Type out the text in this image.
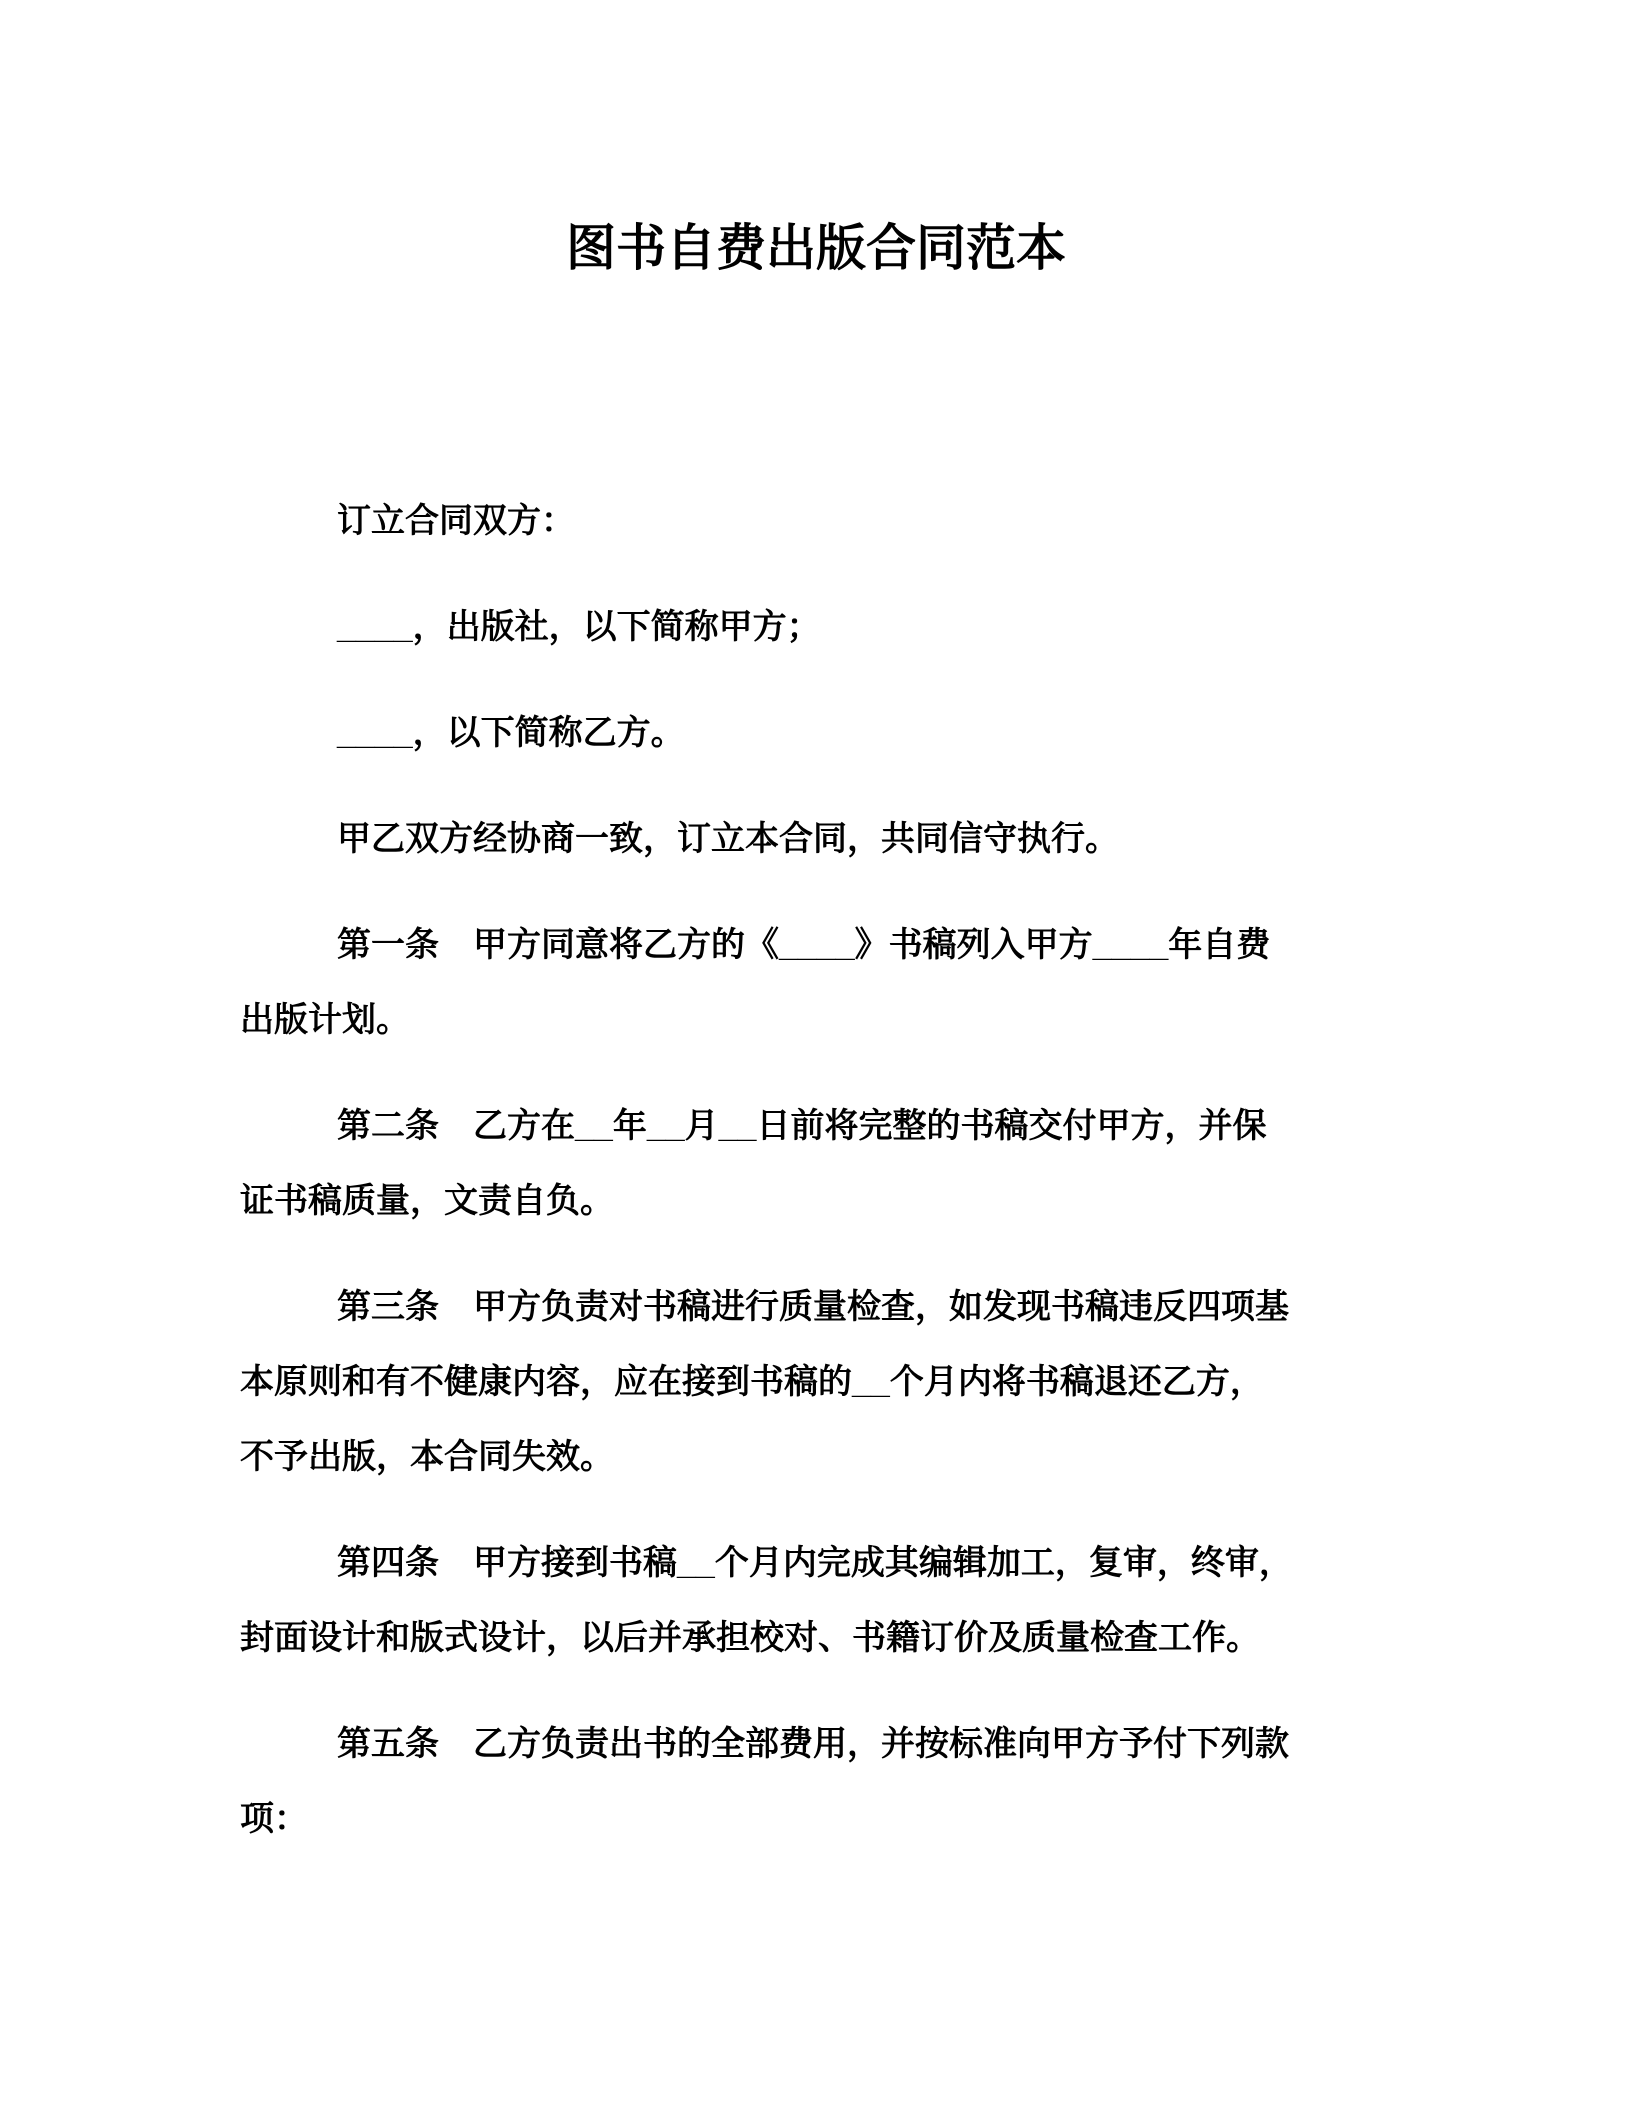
图书自费出版合同范本
订立合同双方：
____，出版社，以下简称甲方；
____，以下简称乙方。
甲乙双方经协商一致，订立本合同，共同信守执行。
第一条　甲方同意将乙方的《____》书稿列入甲方____年自费
出版计划。
第二条　乙方在__年__月__日前将完整的书稿交付甲方，并保
证书稿质量，文责自负。
第三条　甲方负责对书稿进行质量检查，如发现书稿违反四项基
本原则和有不健康内容，应在接到书稿的__个月内将书稿退还乙方，
不予出版，本合同失效。
第四条　甲方接到书稿__个月内完成其编辑加工，复审，终审，
封面设计和版式设计，以后并承担校对、书籍订价及质量检查工作。
第五条　乙方负责出书的全部费用，并按标准向甲方予付下列款
项：
